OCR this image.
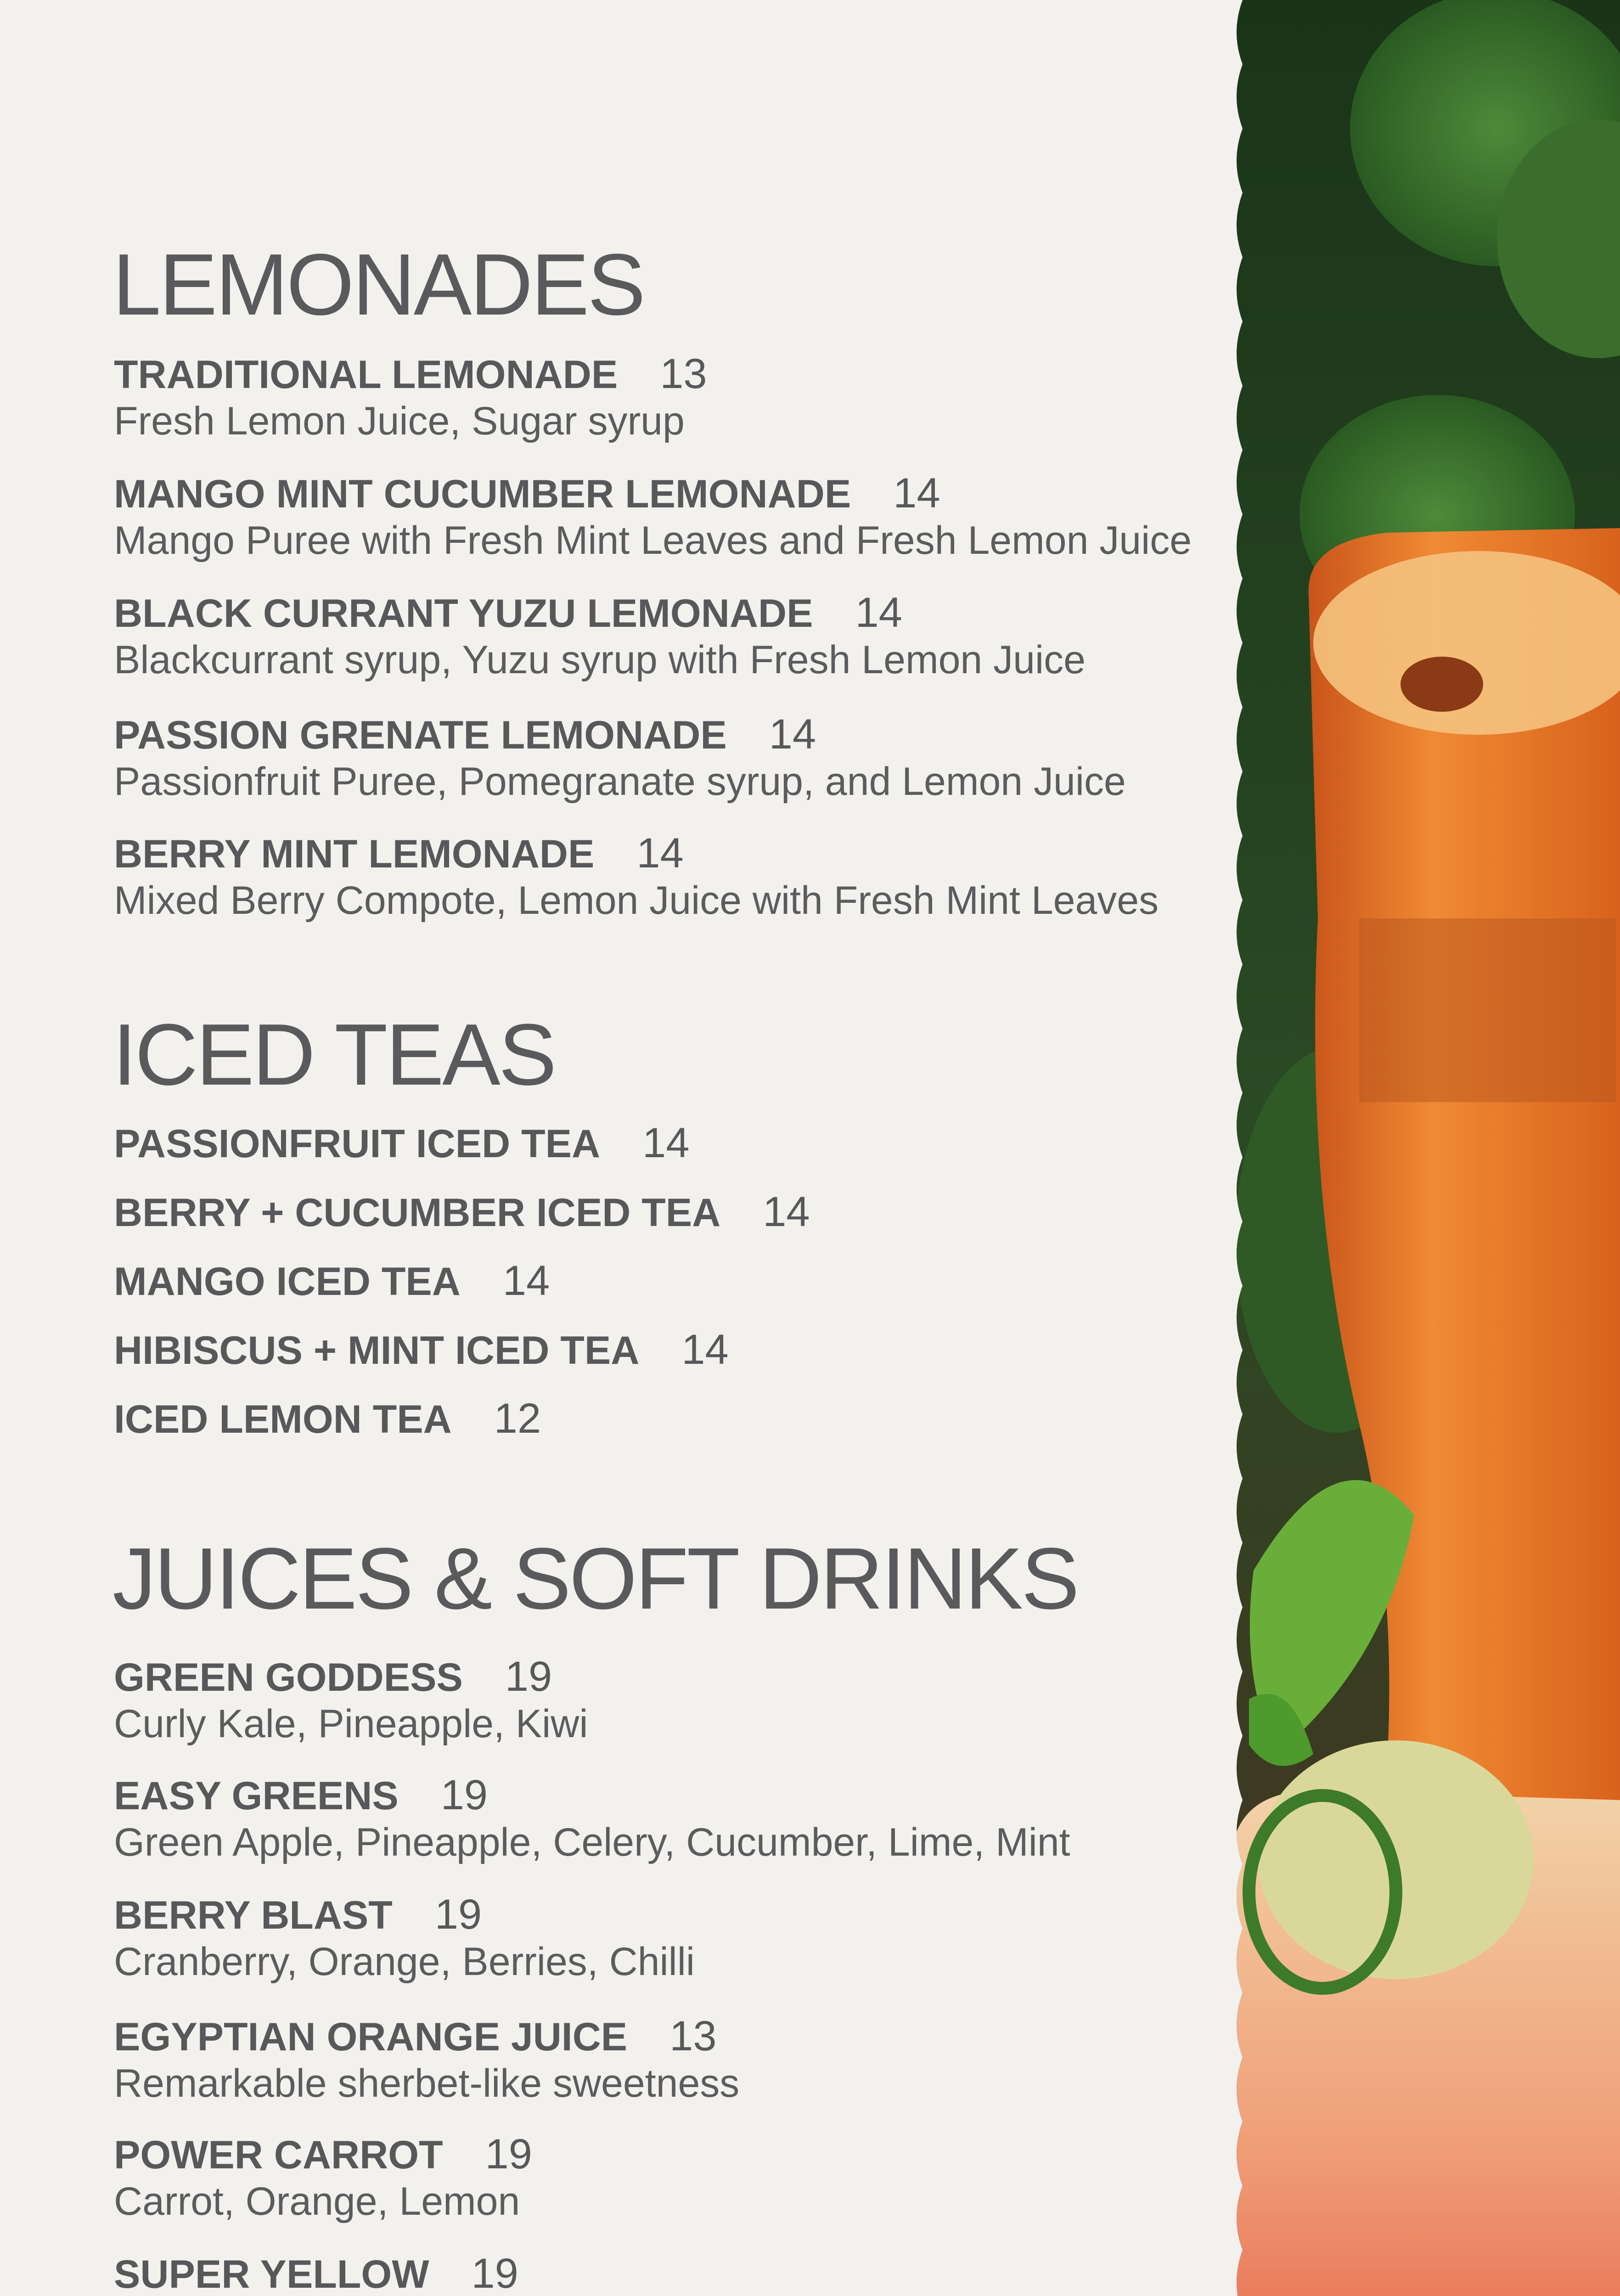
LEMONADES
TRADITIONAL LEMONADE 13
Fresh Lemon Juice, Sugar syrup
MANGO MINT CUCUMBER LEMONADE 14
Mango Puree with Fresh Mint Leaves and Fresh Lemon Juice
BLACK CURRANT YUZU LEMONADE 14
Blackcurrant syrup, Yuzu syrup with Fresh Lemon Juice
PASSION GRENATE LEMONADE 14
Passionfruit Puree, Pomegranate syrup, and Lemon Juice
BERRY MINT LEMONADE 14
Mixed Berry Compote, Lemon Juice with Fresh Mint Leaves
ICED TEAS
PASSIONFRUIT ICED TEA 14
BERRY + CUCUMBER ICED TEA 14
MANGO ICED TEA 14
HIBISCUS + MINT ICED TEA 14
ICED LEMON TEA 12
JUICES & SOFT DRINKS
GREEN GODDESS 19
Curly Kale, Pineapple, Kiwi
EASY GREENS 19
Green Apple, Pineapple, Celery, Cucumber, Lime, Mint
BERRY BLAST 19
Cranberry, Orange, Berries, Chilli
EGYPTIAN ORANGE JUICE 13
Remarkable sherbet-like sweetness
POWER CARROT 19
Carrot, Orange, Lemon
SUPER YELLOW 19
